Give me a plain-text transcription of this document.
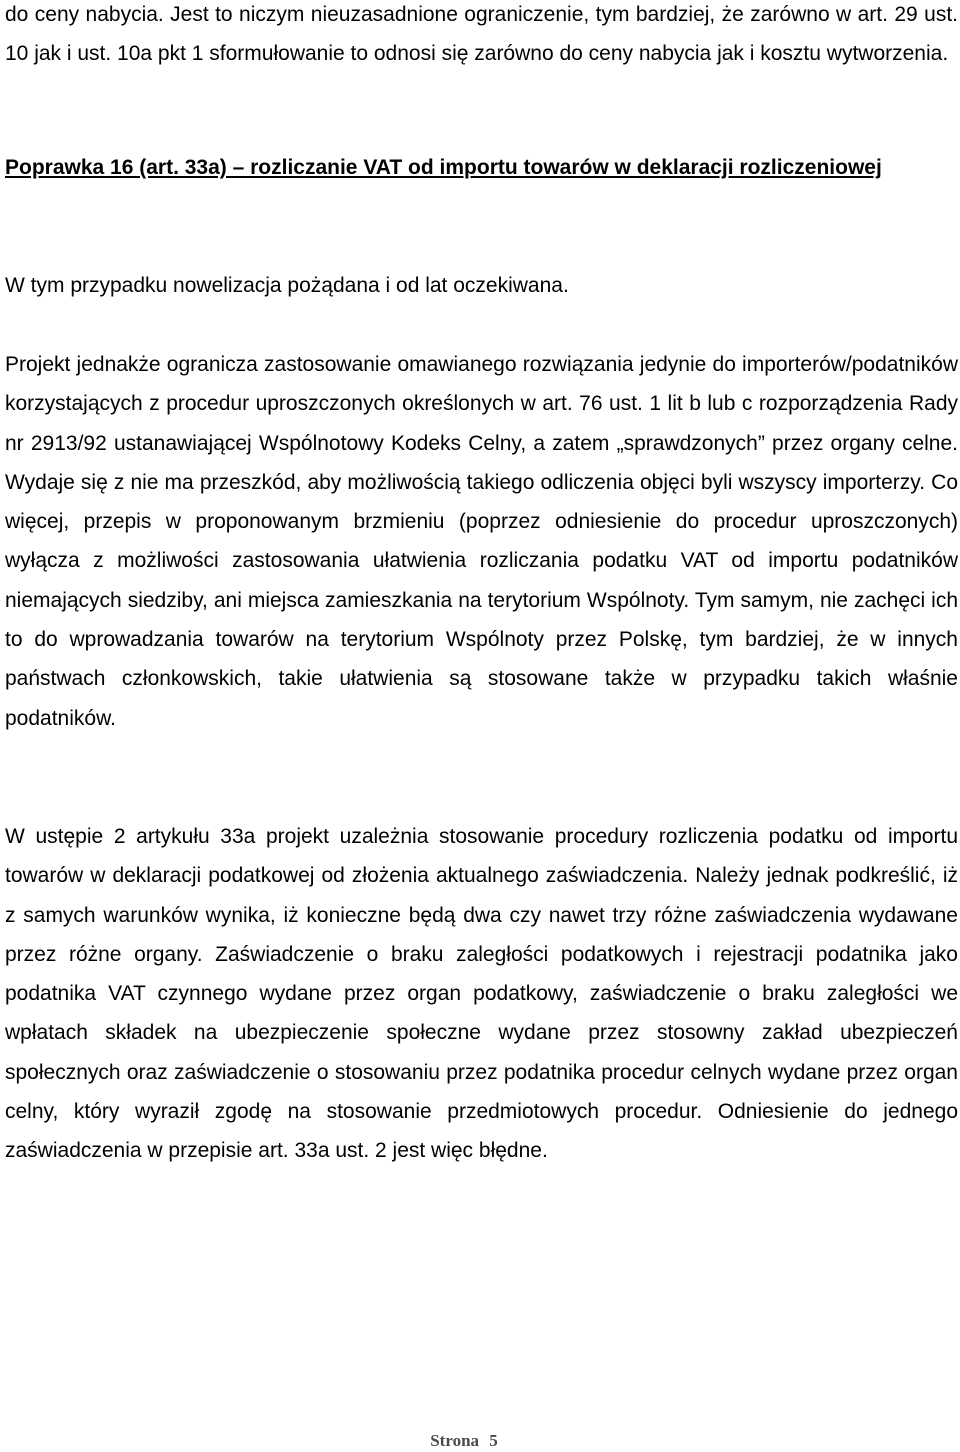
do ceny nabycia. Jest to niczym nieuzasadnione ograniczenie, tym bardziej, że zarówno w art. 29 ust. 10 jak i ust. 10a pkt 1 sformułowanie to odnosi się zarówno do ceny nabycia jak i kosztu wytworzenia.

Poprawka 16 (art. 33a) – rozliczanie VAT od importu towarów w deklaracji rozliczeniowej

W tym przypadku nowelizacja pożądana i od lat oczekiwana.

Projekt jednakże ogranicza zastosowanie omawianego rozwiązania jedynie do importerów/podatników korzystających z procedur uproszczonych określonych w art. 76 ust. 1 lit b lub c rozporządzenia Rady nr 2913/92 ustanawiającej Wspólnotowy Kodeks Celny, a zatem „sprawdzonych” przez organy celne. Wydaje się z nie ma przeszkód, aby możliwością takiego odliczenia objęci byli wszyscy importerzy. Co więcej, przepis w proponowanym brzmieniu (poprzez odniesienie do procedur uproszczonych) wyłącza z możliwości zastosowania ułatwienia rozliczania podatku VAT od importu podatników niemających siedziby, ani miejsca zamieszkania na terytorium Wspólnoty. Tym samym, nie zachęci ich to do wprowadzania towarów na terytorium Wspólnoty przez Polskę, tym bardziej, że w innych państwach członkowskich, takie ułatwienia są stosowane także w przypadku takich właśnie podatników.

W ustępie 2 artykułu 33a projekt uzależnia stosowanie procedury rozliczenia podatku od importu towarów w deklaracji podatkowej od złożenia aktualnego zaświadczenia. Należy jednak podkreślić, iż z samych warunków wynika, iż konieczne będą dwa czy nawet trzy różne zaświadczenia wydawane przez różne organy. Zaświadczenie o braku zaległości podatkowych i rejestracji podatnika jako podatnika VAT czynnego wydane przez organ podatkowy, zaświadczenie o braku zaległości we wpłatach składek na ubezpieczenie społeczne wydane przez stosowny zakład ubezpieczeń społecznych oraz zaświadczenie o stosowaniu przez podatnika procedur celnych wydane przez organ celny, który wyraził zgodę na stosowanie przedmiotowych procedur. Odniesienie do jednego zaświadczenia w przepisie art. 33a ust. 2 jest więc błędne.

Strona 5
